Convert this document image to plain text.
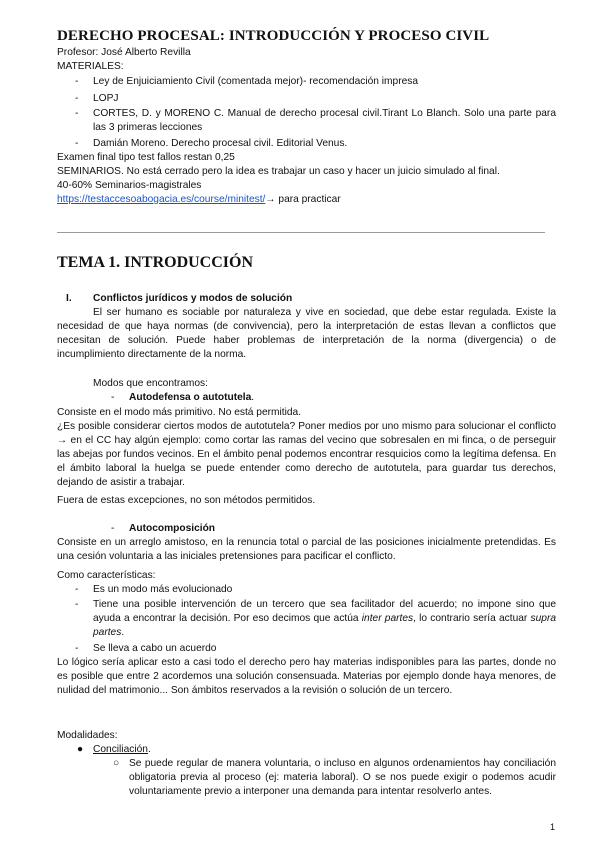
DERECHO PROCESAL: INTRODUCCIÓN Y PROCESO CIVIL
Profesor: José Alberto Revilla
MATERIALES:
- Ley de Enjuiciamiento Civil (comentada mejor)- recomendación impresa
- LOPJ
- CORTES, D. y MORENO C. Manual de derecho procesal civil.Tirant Lo Blanch. Solo una parte para las 3 primeras lecciones
- Damián Moreno. Derecho procesal civil. Editorial Venus.
Examen final tipo test fallos restan 0,25
SEMINARIOS. No está cerrado pero la idea es trabajar un caso y hacer un juicio simulado al final.
40-60% Seminarios-magistrales
https://testaccesoabogacia.es/course/minitest/→ para practicar
TEMA 1. INTRODUCCIÓN
I. Conflictos jurídicos y modos de solución
El ser humano es sociable por naturaleza y vive en sociedad, que debe estar regulada. Existe la necesidad de que haya normas (de convivencia), pero la interpretación de estas llevan a conflictos que necesitan de solución. Puede haber problemas de interpretación de la norma (divergencia) o de incumplimiento directamente de la norma.
Modos que encontramos:
- Autodefensa o autotutela.
Consiste en el modo más primitivo. No está permitida.
¿Es posible considerar ciertos modos de autotutela? Poner medios por uno mismo para solucionar el conflicto → en el CC hay algún ejemplo: como cortar las ramas del vecino que sobresalen en mi finca, o de perseguir las abejas por fundos vecinos. En el ámbito penal podemos encontrar resquicios como la legítima defensa. En el ámbito laboral la huelga se puede entender como derecho de autotutela, para guardar tus derechos, dejando de asistir a trabajar.
Fuera de estas excepciones, no son métodos permitidos.
- Autocomposición
Consiste en un arreglo amistoso, en la renuncia total o parcial de las posiciones inicialmente pretendidas. Es una cesión voluntaria a las iniciales pretensiones para pacificar el conflicto.
Como características:
- Es un modo más evolucionado
- Tiene una posible intervención de un tercero que sea facilitador del acuerdo; no impone sino que ayuda a encontrar la decisión. Por eso decimos que actúa inter partes, lo contrario sería actuar supra partes.
- Se lleva a cabo un acuerdo
Lo lógico sería aplicar esto a casi todo el derecho pero hay materias indisponibles para las partes, donde no es posible que entre 2 acordemos una solución consensuada. Materias por ejemplo donde haya menores, de nulidad del matrimonio... Son ámbitos reservados a la revisión o solución de un tercero.
Modalidades:
● Conciliación.
○ Se puede regular de manera voluntaria, o incluso en algunos ordenamientos hay conciliación obligatoria previa al proceso (ej: materia laboral). O se nos puede exigir o podemos acudir voluntariamente previo a interponer una demanda para intentar resolverlo antes.
1
